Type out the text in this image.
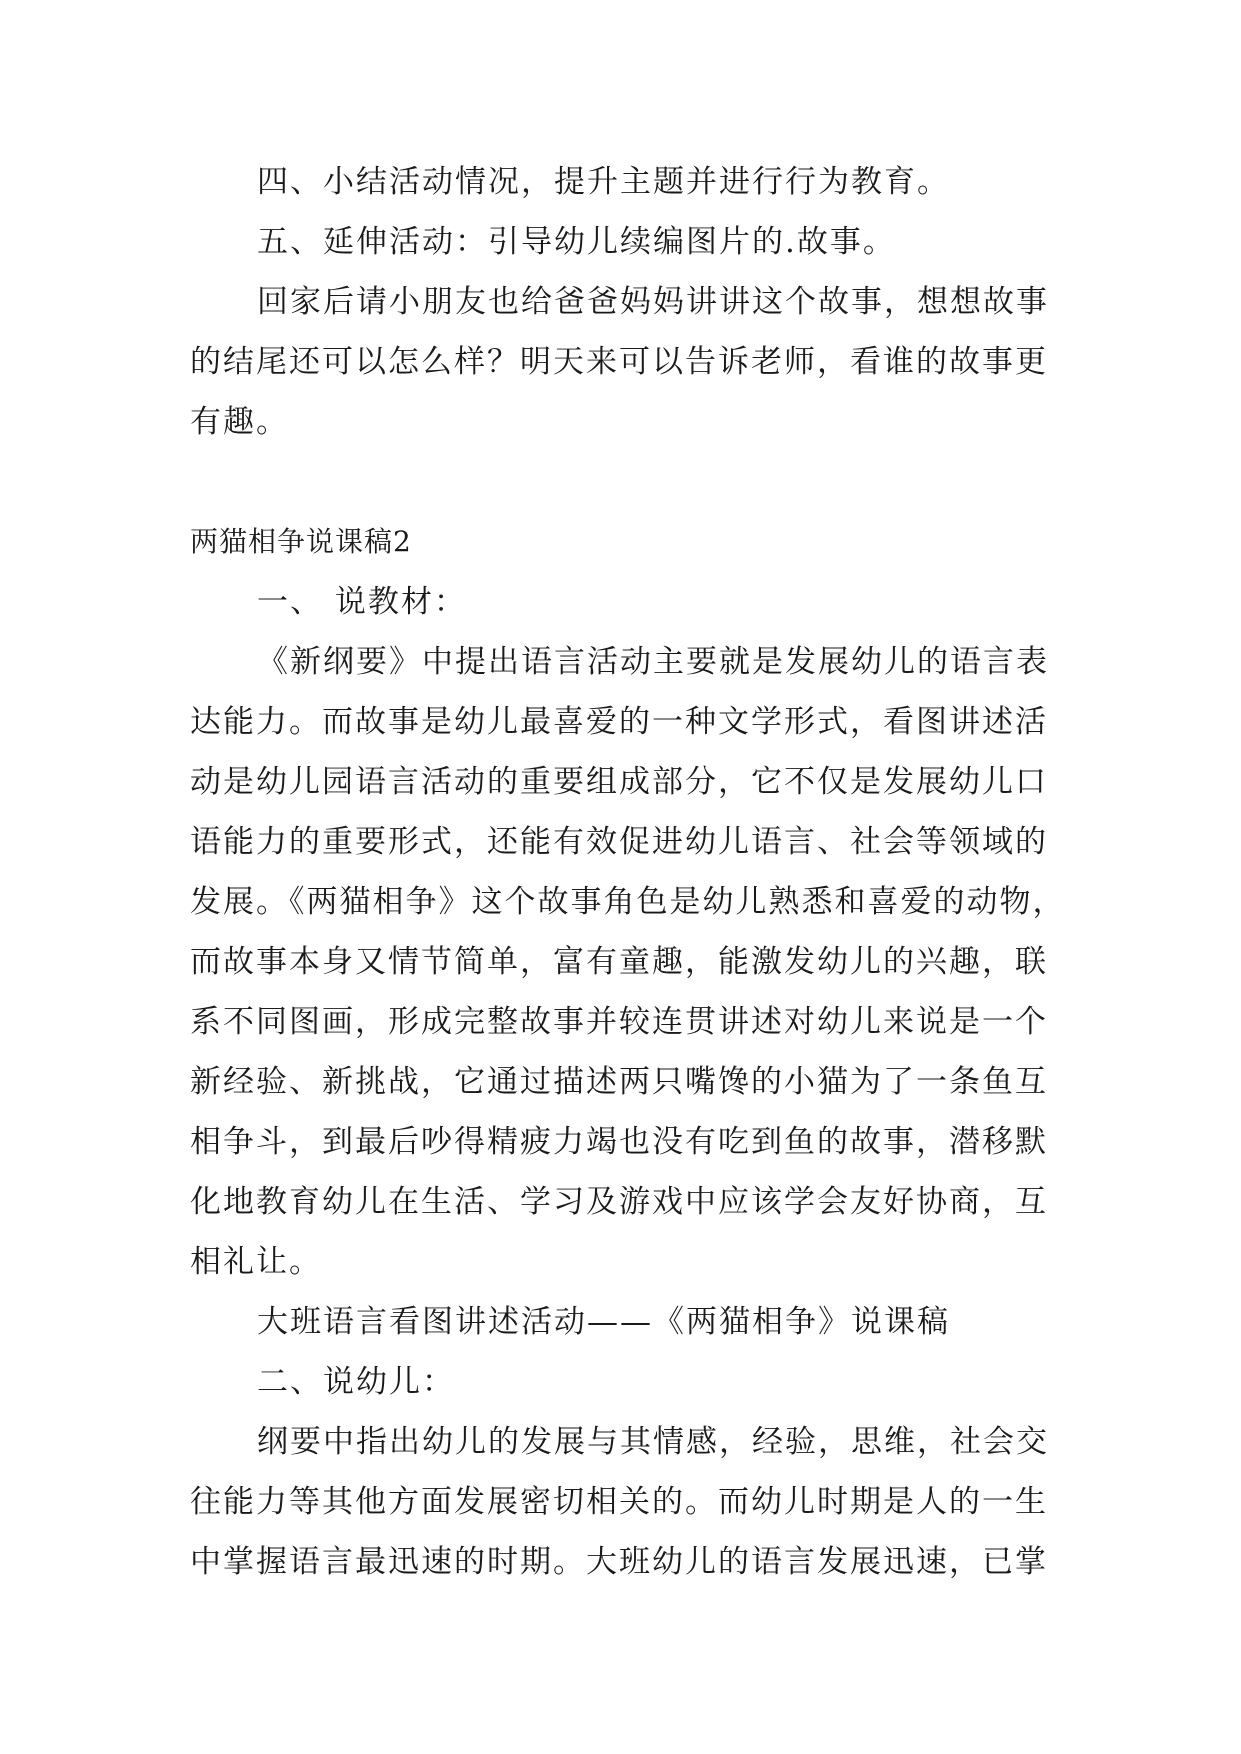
四、小结活动情况，提升主题并进行行为教育。
五、延伸活动：引导幼儿续编图片的.故事。
回家后请小朋友也给爸爸妈妈讲讲这个故事，想想故事
的结尾还可以怎么样？明天来可以告诉老师，看谁的故事更
有趣。
两猫相争说课稿2
一、 说教材：
《新纲要》中提出语言活动主要就是发展幼儿的语言表
达能力。而故事是幼儿最喜爱的一种文学形式，看图讲述活
动是幼儿园语言活动的重要组成部分，它不仅是发展幼儿口
语能力的重要形式，还能有效促进幼儿语言、社会等领域的
发展。《两猫相争》这个故事角色是幼儿熟悉和喜爱的动物，
而故事本身又情节简单，富有童趣，能激发幼儿的兴趣，联
系不同图画，形成完整故事并较连贯讲述对幼儿来说是一个
新经验、新挑战，它通过描述两只嘴馋的小猫为了一条鱼互
相争斗，到最后吵得精疲力竭也没有吃到鱼的故事，潜移默
化地教育幼儿在生活、学习及游戏中应该学会友好协商，互
相礼让。
大班语言看图讲述活动——《两猫相争》说课稿
二、说幼儿：
纲要中指出幼儿的发展与其情感，经验，思维，社会交
往能力等其他方面发展密切相关的。而幼儿时期是人的一生
中掌握语言最迅速的时期。大班幼儿的语言发展迅速，已掌
